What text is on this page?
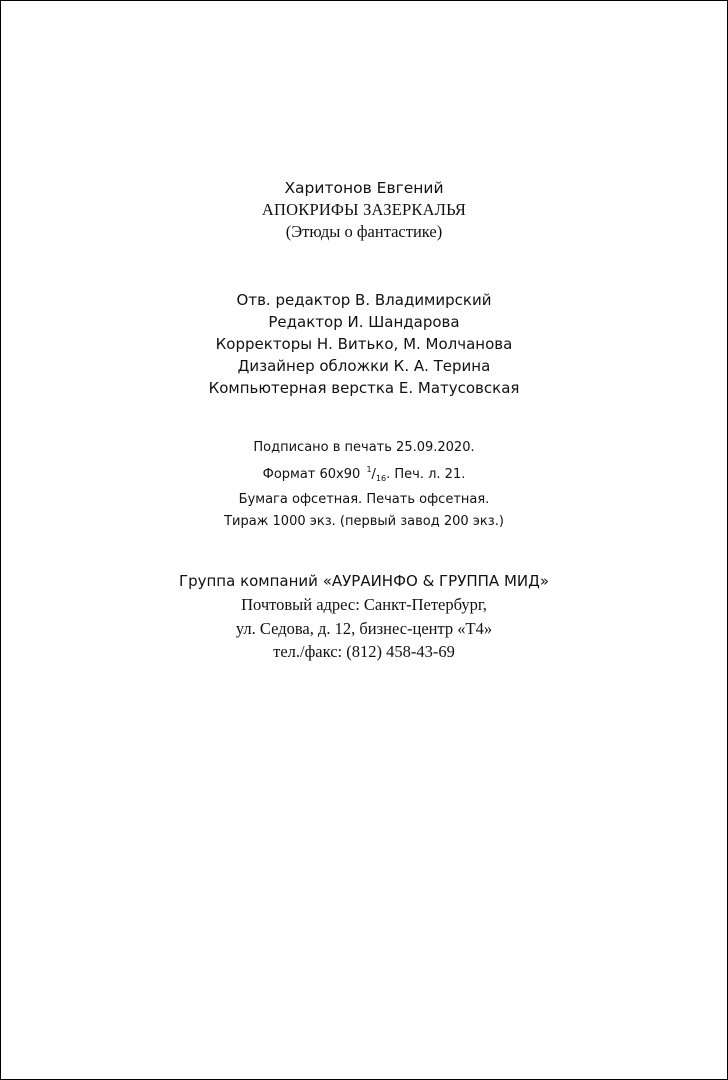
Харитонов Евгений
АПОКРИФЫ ЗАЗЕРКАЛЬЯ
(Этюды о фантастике)
Отв. редактор В. Владимирский
Редактор И. Шандарова
Корректоры Н. Витько, М. Молчанова
Дизайнер обложки К. А. Терина
Компьютерная верстка Е. Матусовская
Подписано в печать 25.09.2020.
Формат 60х90 $^1/_{16}$. Печ. л. 21.
Бумага офсетная. Печать офсетная.
Тираж 1000 экз. (первый завод 200 экз.)
Группа компаний «АУРАИНФО & ГРУППА МИД»
Почтовый адрес: Санкт-Петербург,
ул. Седова, д. 12, бизнес-центр «Т4»
тел./факс: (812) 458-43-69
